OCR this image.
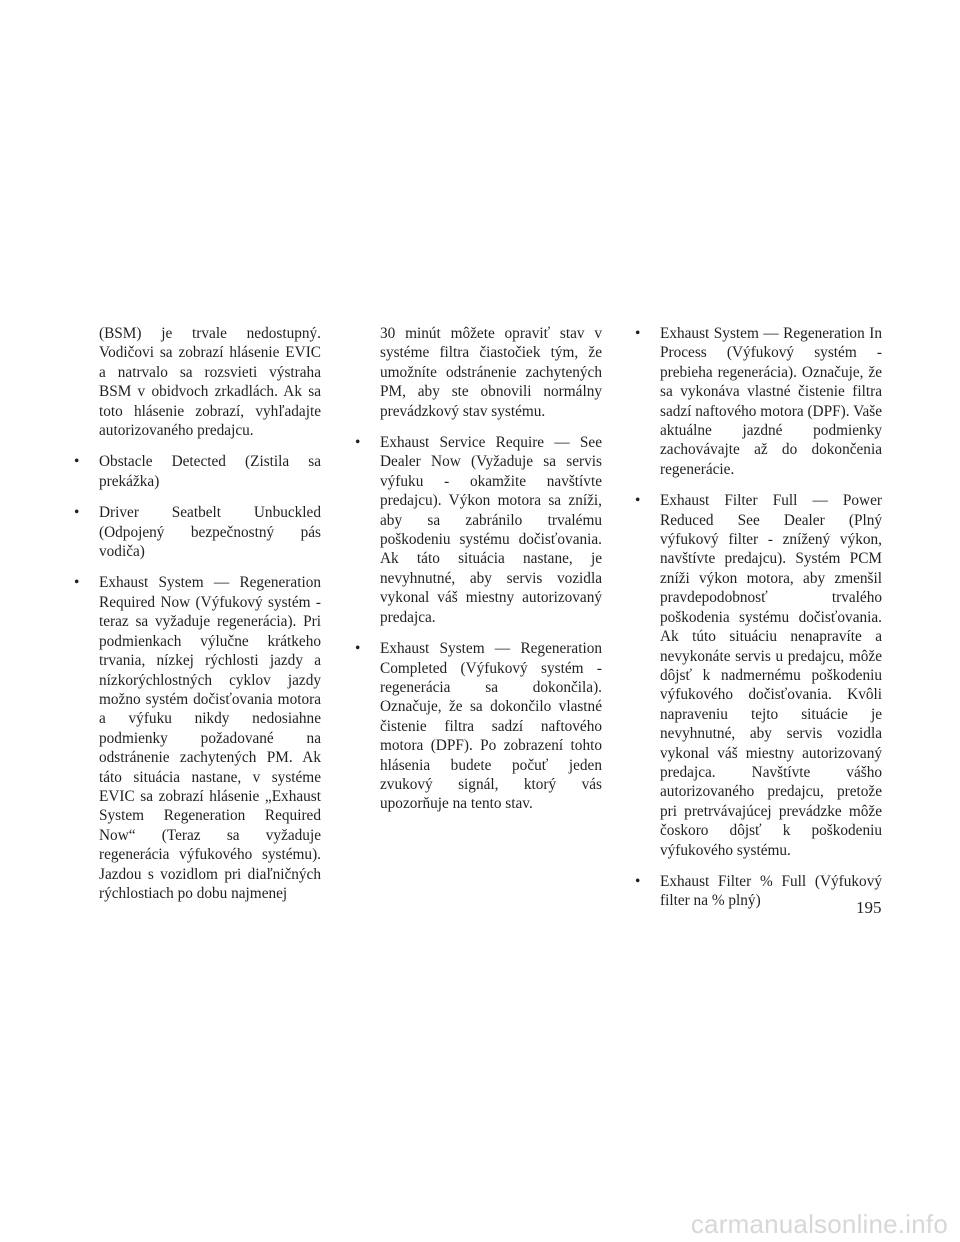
(BSM) je trvale nedostupný. Vodičovi sa zobrazí hlásenie EVIC a natrvalo sa rozsvieti výstraha BSM v obidvoch zrkadlách. Ak sa toto hlásenie zobrazí, vyhľadajte autorizovaného predajcu.

• Obstacle Detected (Zistila sa prekážka)
• Driver Seatbelt Unbuckled (Odpojený bezpečnostný pás vodiča)
• Exhaust System — Regeneration Required Now (Výfukový systém - teraz sa vyžaduje regenerácia). Pri podmienkach výlučne krátkeho trvania, nízkej rýchlosti jazdy a nízkorýchlostných cyklov jazdy možno systém dočisťovania motora a výfuku nikdy nedosiahne podmienky požadované na odstránenie zachytených PM. Ak táto situácia nastane, v systéme EVIC sa zobrazí hlásenie „Exhaust System Regeneration Required Now“ (Teraz sa vyžaduje regenerácia výfukového systému). Jazdou s vozidlom pri diaľničných rýchlostiach po dobu najmenej

30 minút môžete opraviť stav v systéme filtra čiastočiek tým, že umožníte odstránenie zachytených PM, aby ste obnovili normálny prevádzkový stav systému.

• Exhaust Service Require — See Dealer Now (Vyžaduje sa servis výfuku - okamžite navštívte predajcu). Výkon motora sa zníži, aby sa zabránilo trvalému poškodeniu systému dočisťovania. Ak táto situácia nastane, je nevyhnutné, aby servis vozidla vykonal váš miestny autorizovaný predajca.
• Exhaust System — Regeneration Completed (Výfukový systém - regenerácia sa dokončila). Označuje, že sa dokončilo vlastné čistenie filtra sadzí naftového motora (DPF). Po zobrazení tohto hlásenia budete počuť jeden zvukový signál, ktorý vás upozorňuje na tento stav.
• Exhaust System — Regeneration In Process (Výfukový systém - prebieha regenerácia). Označuje, že sa vykonáva vlastné čistenie filtra sadzí naftového motora (DPF). Vaše aktuálne jazdné podmienky zachovávajte až do dokončenia regenerácie.
• Exhaust Filter Full — Power Reduced See Dealer (Plný výfukový filter - znížený výkon, navštívte predajcu). Systém PCM zníži výkon motora, aby zmenšil pravdepodobnosť trvalého poškodenia systému dočisťovania. Ak túto situáciu nenapravíte a nevykonáte servis u predajcu, môže dôjsť k nadmernému poškodeniu výfukového dočisťovania. Kvôli napraveniu tejto situácie je nevyhnutné, aby servis vozidla vykonal váš miestny autorizovaný predajca. Navštívte vášho autorizovaného predajcu, pretože pri pretrvávajúcej prevádzke môže čoskoro dôjsť k poškodeniu výfukového systému.
• Exhaust Filter % Full (Výfukový filter na % plný)	195
carmanualsonline.info
